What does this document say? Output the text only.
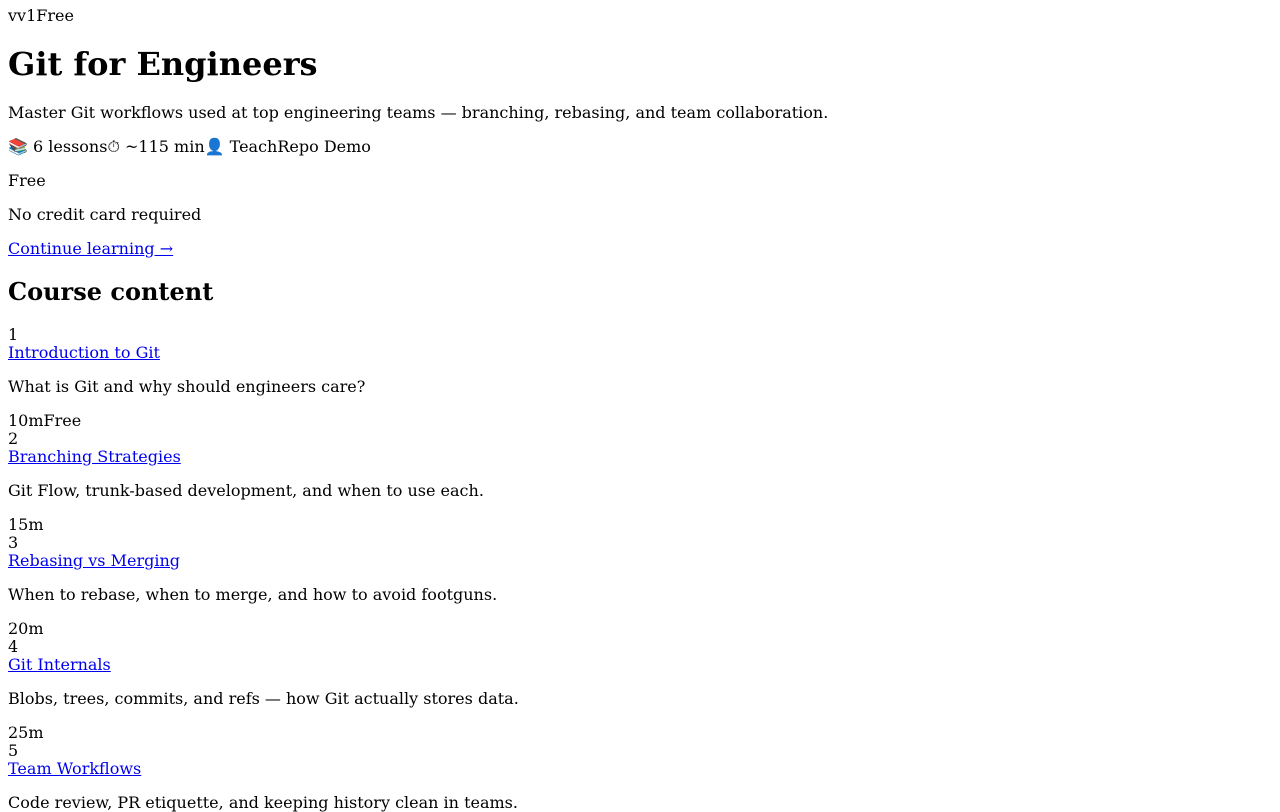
vv1Free
Git for Engineers

Master Git workflows used at top engineering teams — branching, rebasing, and team collaboration.

📚 6 lessons⏱ ~115 min👤 TeachRepo Demo

Free

No credit card required

Continue learning →

Course content
1
Introduction to Git

What is Git and why should engineers care?

10mFree
2
Branching Strategies

Git Flow, trunk-based development, and when to use each.

15m
3
Rebasing vs Merging

When to rebase, when to merge, and how to avoid footguns.

20m
4
Git Internals

Blobs, trees, commits, and refs — how Git actually stores data.

25m
5
Team Workflows

Code review, PR etiquette, and keeping history clean in teams.
